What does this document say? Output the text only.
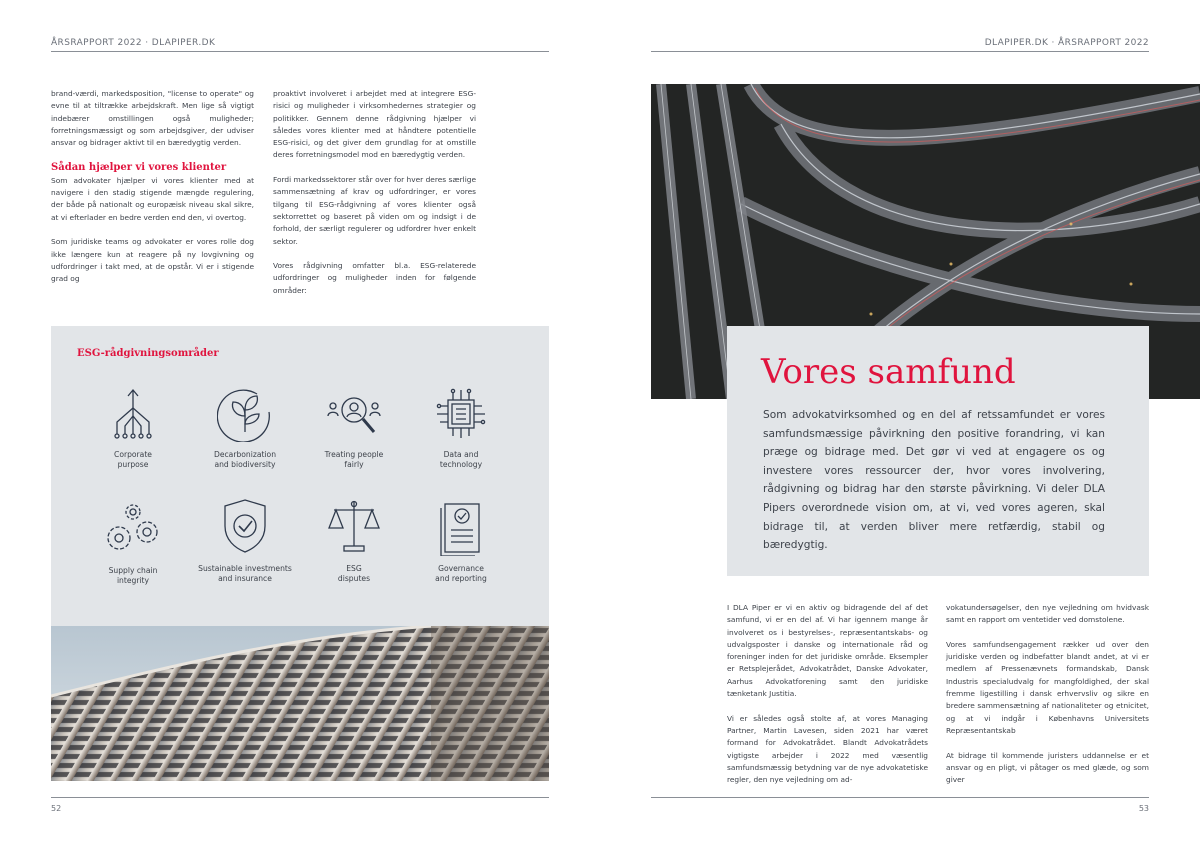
ÅRSRAPPORT 2022 · DLAPIPER.DK	DLAPIPER.DK · ÅRSRAPPORT 2022

brand-værdi, markedsposition, "license to operate" og evne til at tiltrække arbejdskraft. Men lige så vigtigt indebærer omstillingen også muligheder; forretningsmæssigt og som arbejdsgiver, der udviser ansvar og bidrager aktivt til en bæredygtig verden.

Sådan hjælper vi vores klienter

Som advokater hjælper vi vores klienter med at navigere i den stadig stigende mængde regulering, der både på nationalt og europæisk niveau skal sikre, at vi efterlader en bedre verden end den, vi overtog.

Som juridiske teams og advokater er vores rolle dog ikke længere kun at reagere på ny lovgivning og udfordringer i takt med, at de opstår. Vi er i stigende grad og

proaktivt involveret i arbejdet med at integrere ESG-risici og muligheder i virksomhedernes strategier og politikker. Gennem denne rådgivning hjælper vi således vores klienter med at håndtere potentielle ESG-risici, og det giver dem grundlag for at omstille deres forretningsmodel mod en bæredygtig verden.

Fordi markedssektorer står over for hver deres særlige sammensætning af krav og udfordringer, er vores tilgang til ESG-rådgivning af vores klienter også sektorrettet og baseret på viden om og indsigt i de forhold, der særligt regulerer og udfordrer hver enkelt sektor.

Vores rådgivning omfatter bl.a. ESG-relaterede udfordringer og muligheder inden for følgende områder:

ESG-rådgivningsområder
Corporate
purpose
Decarbonization
and biodiversity
Treating people
fairly
Data and
technology
Supply chain
integrity
Sustainable investments
and insurance
ESG
disputes
Governance
and reporting
Vores samfund
Som advokatvirksomhed og en del af retssamfundet er vores samfundsmæssige påvirkning den positive forandring, vi kan præge og bidrage med. Det gør vi ved at engagere os og investere vores ressourcer der, hvor vores involvering, rådgivning og bidrag har den største påvirkning. Vi deler DLA Pipers overordnede vision om, at vi, ved vores ageren, skal bidrage til, at verden bliver mere retfærdig, stabil og bæredygtig.

I DLA Piper er vi en aktiv og bidragende del af det samfund, vi er en del af. Vi har igennem mange år involveret os i bestyrelses-, repræsentantskabs- og udvalgsposter i danske og internationale råd og foreninger inden for det juridiske område. Eksempler er Retsplejerådet, Advokatrådet, Danske Advokater, Aarhus Advokatforening samt den juridiske tænketank Justitia.

Vi er således også stolte af, at vores Managing Partner, Martin Lavesen, siden 2021 har været formand for Advokatrådet. Blandt Advokatrådets vigtigste arbejder i 2022 med væsentlig samfundsmæssig betydning var de nye advokatetiske regler, den nye vejledning om ad-

vokatundersøgelser, den nye vejledning om hvidvask samt en rapport om ventetider ved domstolene.

Vores samfundsengagement rækker ud over den juridiske verden og indbefatter blandt andet, at vi er medlem af Pressenævnets formandskab, Dansk Industris specialudvalg for mangfoldighed, der skal fremme ligestilling i dansk erhvervsliv og sikre en bredere sammensætning af nationaliteter og etnicitet, og at vi indgår i Københavns Universitets Repræsentantskab

At bidrage til kommende juristers uddannelse er et ansvar og en pligt, vi påtager os med glæde, og som giver

52	53
